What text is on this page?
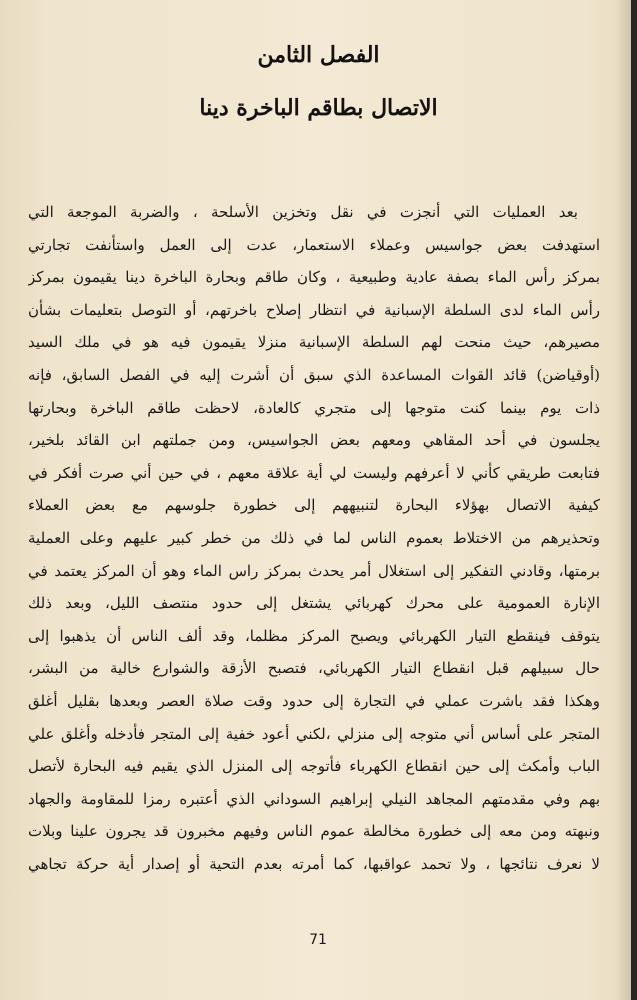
الفصل الثامن
الاتصال بطاقم الباخرة دينا
بعد العمليات التي أنجزت في نقل وتخزين الأسلحة ، والضربة الموجعة التي
استهدفت بعض جواسيس وعملاء الاستعمار، عدت إلى العمل واستأنفت تجارتي
بمركز رأس الماء بصفة عادية وطبيعية ، وكان طاقم وبحارة الباخرة دينا يقيمون بمركز
رأس الماء لدى السلطة الإسبانية في انتظار إصلاح باخرتهم، أو التوصل بتعليمات بشأن
مصيرهم، حيث منحت لهم السلطة الإسبانية منزلا يقيمون فيه هو في ملك السيد
(أوقياضن) قائد القوات المساعدة الذي سبق أن أشرت إليه في الفصل السابق، فإنه
ذات يوم بينما كنت متوجها إلى متجري كالعادة، لاحظت طاقم الباخرة وبحارتها
يجلسون في أحد المقاهي ومعهم بعض الجواسيس، ومن جملتهم ابن القائد بلخير،
فتابعت طريقي كأني لا أعرفهم وليست لي أية علاقة معهم ، في حين أني صرت أفكر في
كيفية الاتصال بهؤلاء البحارة لتنبيههم إلى خطورة جلوسهم مع بعض العملاء
وتحذيرهم من الاختلاط بعموم الناس لما في ذلك من خطر كبير عليهم وعلى العملية
برمتها، وقادني التفكير إلى استغلال أمر يحدث بمركز راس الماء وهو أن المركز يعتمد في
الإنارة العمومية على محرك كهربائي يشتغل إلى حدود منتصف الليل، وبعد ذلك
يتوقف فينقطع التيار الكهربائي ويصبح المركز مظلما، وقد ألف الناس أن يذهبوا إلى
حال سبيلهم قبل انقطاع التيار الكهربائي، فتصبح الأزقة والشوارع خالية من البشر،
وهكذا فقد باشرت عملي في التجارة إلى حدود وقت صلاة العصر وبعدها بقليل أغلق
المتجر على أساس أني متوجه إلى منزلي ،لكني أعود خفية إلى المتجر فأدخله وأغلق علي
الباب وأمكث إلى حين انقطاع الكهرباء فأتوجه إلى المنزل الذي يقيم فيه البحارة لأتصل
بهم وفي مقدمتهم المجاهد النيلي إبراهيم السوداني الذي أعتبره رمزا للمقاومة والجهاد
ونبهته ومن معه إلى خطورة مخالطة عموم الناس وفيهم مخبرون قد يجرون علينا وبلات
لا نعرف نتائجها ، ولا تحمد عواقبها، كما أمرته بعدم التحية أو إصدار أية حركة تجاهي
71
